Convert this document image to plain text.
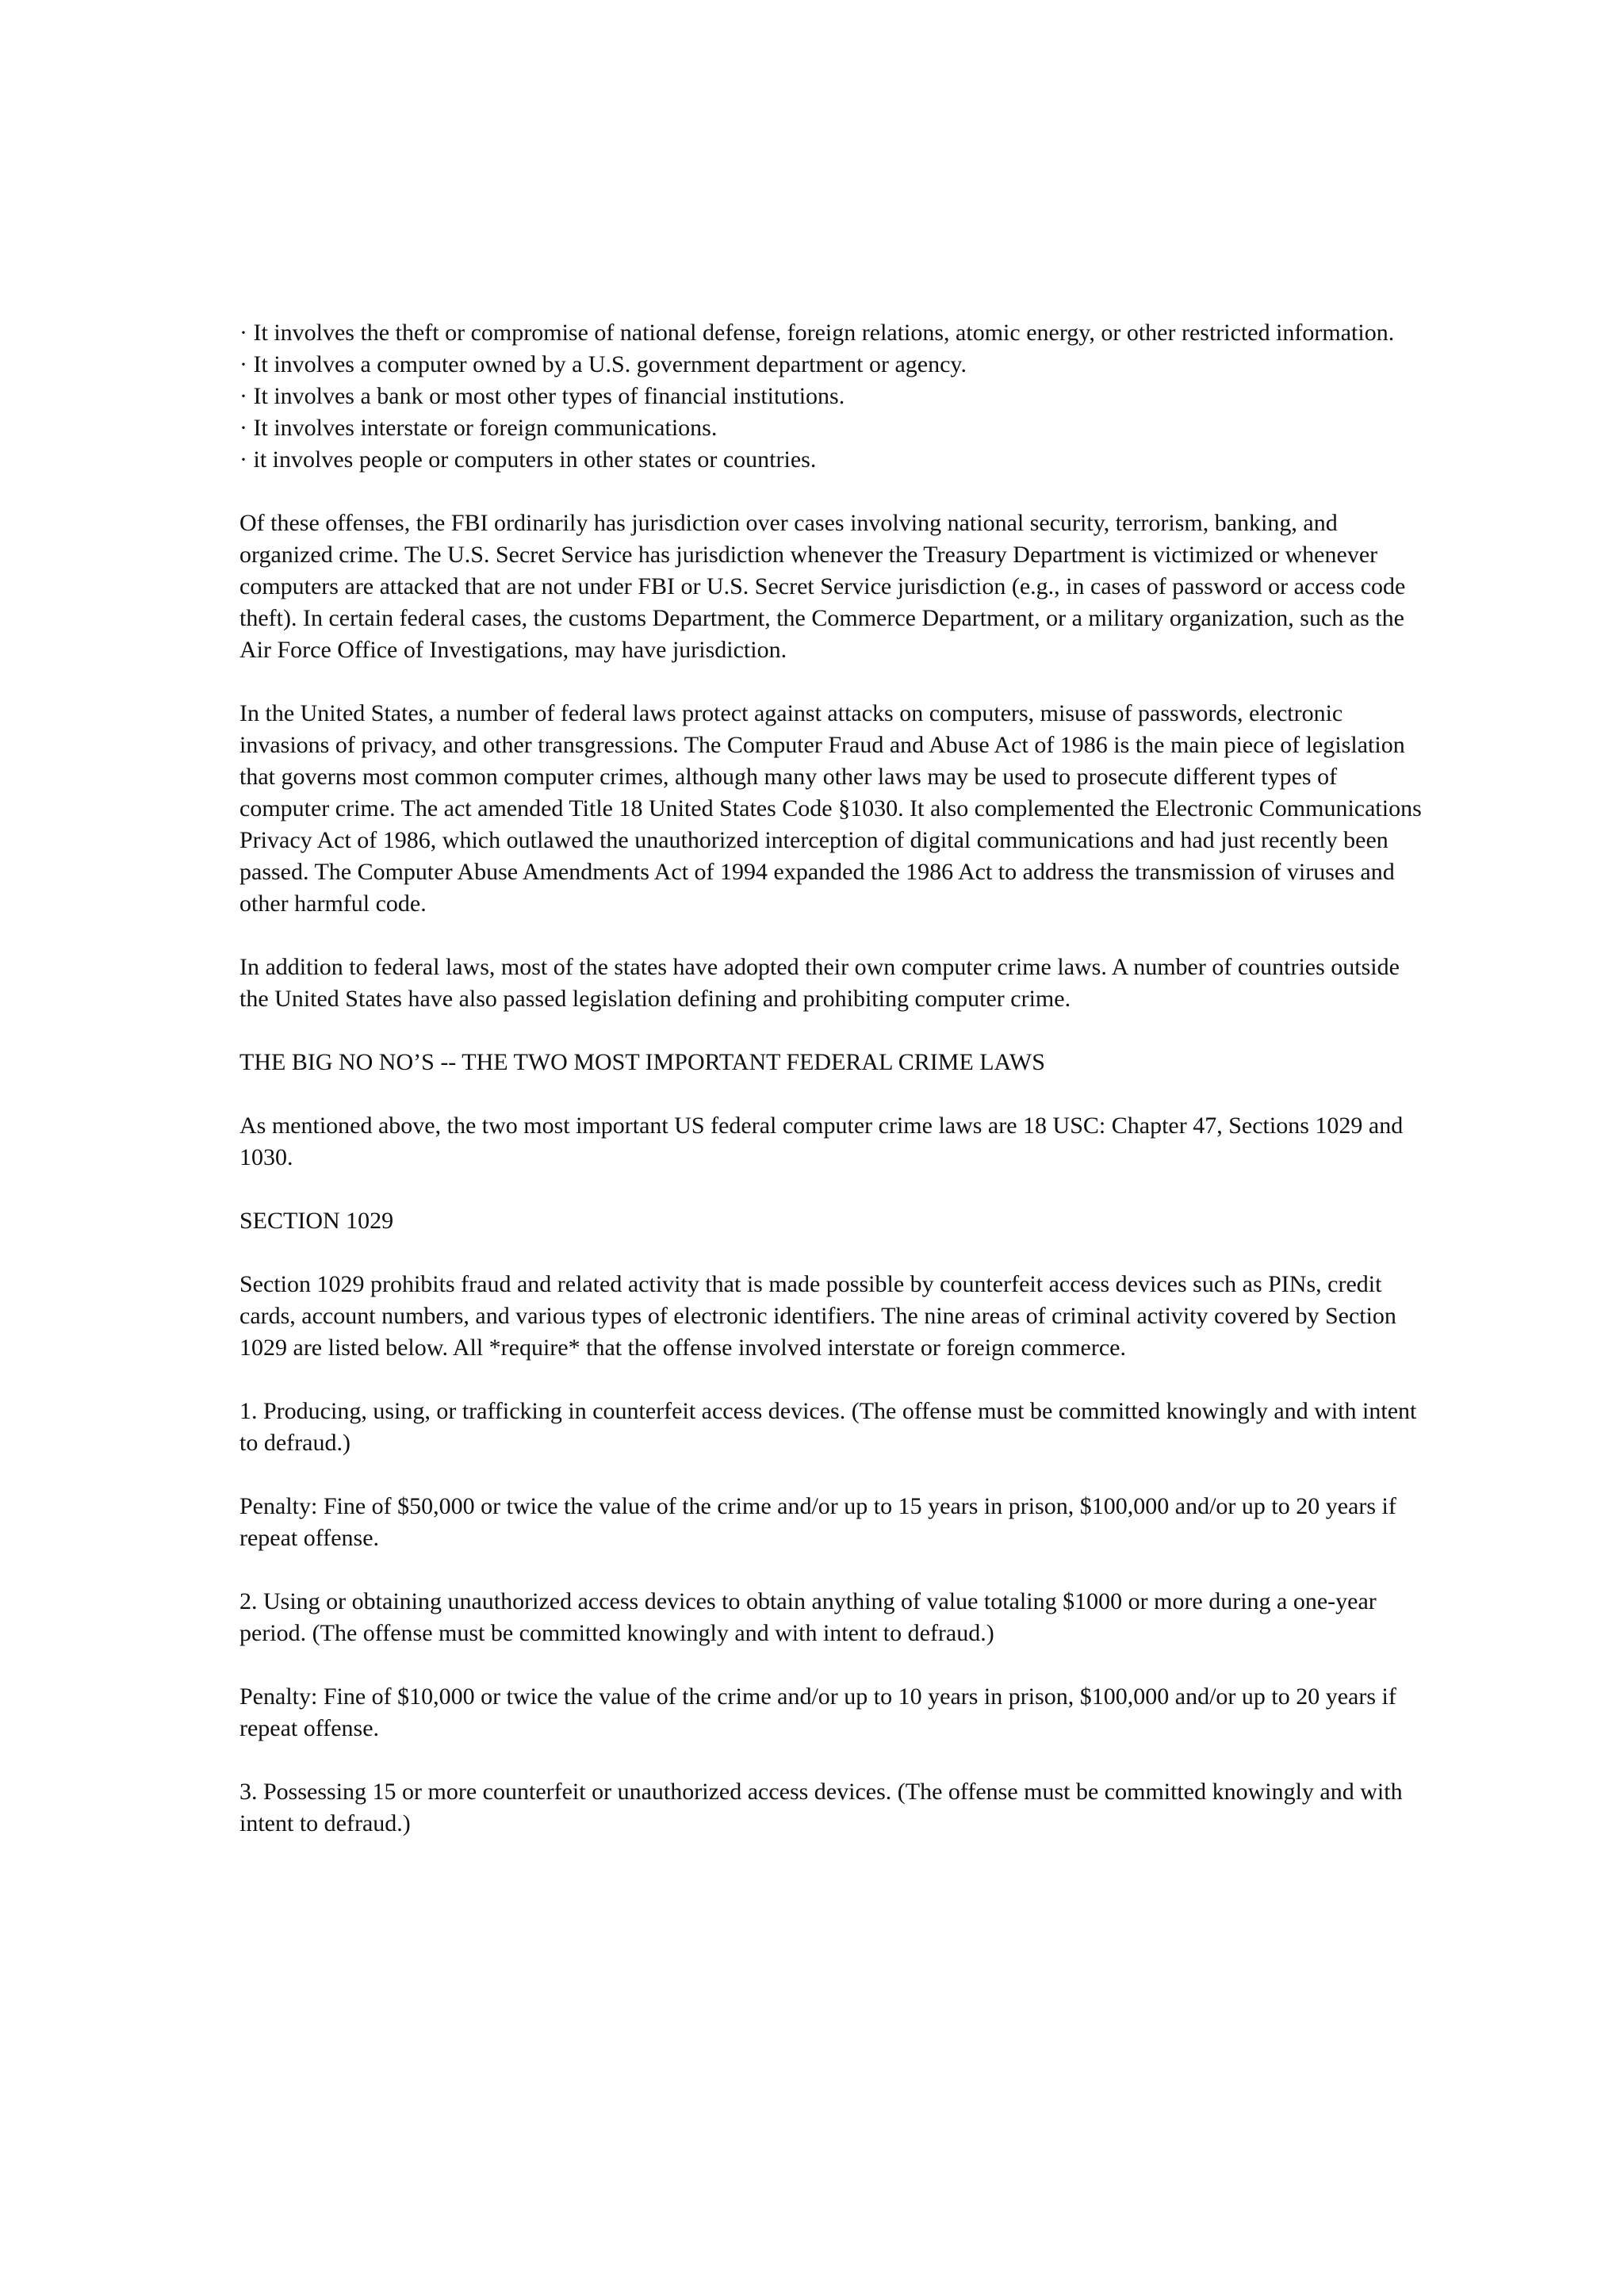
· It involves the theft or compromise of national defense, foreign relations, atomic energy, or other restricted information.
· It involves a computer owned by a U.S. government department or agency.
· It involves a bank or most other types of financial institutions.
· It involves interstate or foreign communications.
· it involves people or computers in other states or countries.

Of these offenses, the FBI ordinarily has jurisdiction over cases involving national security, terrorism, banking, and organized crime. The U.S. Secret Service has jurisdiction whenever the Treasury Department is victimized or whenever computers are attacked that are not under FBI or U.S. Secret Service jurisdiction (e.g., in cases of password or access code theft). In certain federal cases, the customs Department, the Commerce Department, or a military organization, such as the Air Force Office of Investigations, may have jurisdiction.

In the United States, a number of federal laws protect against attacks on computers, misuse of passwords, electronic invasions of privacy, and other transgressions. The Computer Fraud and Abuse Act of 1986 is the main piece of legislation that governs most common computer crimes, although many other laws may be used to prosecute different types of computer crime. The act amended Title 18 United States Code §1030. It also complemented the Electronic Communications Privacy Act of 1986, which outlawed the unauthorized interception of digital communications and had just recently been passed. The Computer Abuse Amendments Act of 1994 expanded the 1986 Act to address the transmission of viruses and other harmful code.

In addition to federal laws, most of the states have adopted their own computer crime laws. A number of countries outside the United States have also passed legislation defining and prohibiting computer crime.

THE BIG NO NO’S -- THE TWO MOST IMPORTANT FEDERAL CRIME LAWS

As mentioned above, the two most important US federal computer crime laws are 18 USC: Chapter 47, Sections 1029 and 1030.

SECTION 1029

Section 1029 prohibits fraud and related activity that is made possible by counterfeit access devices such as PINs, credit cards, account numbers, and various types of electronic identifiers. The nine areas of criminal activity covered by Section 1029 are listed below. All *require* that the offense involved interstate or foreign commerce.

1. Producing, using, or trafficking in counterfeit access devices. (The offense must be committed knowingly and with intent to defraud.)

Penalty: Fine of $50,000 or twice the value of the crime and/or up to 15 years in prison, $100,000 and/or up to 20 years if repeat offense.

2. Using or obtaining unauthorized access devices to obtain anything of value totaling $1000 or more during a one-year period. (The offense must be committed knowingly and with intent to defraud.)

Penalty: Fine of $10,000 or twice the value of the crime and/or up to 10 years in prison, $100,000 and/or up to 20 years if repeat offense.

3. Possessing 15 or more counterfeit or unauthorized access devices. (The offense must be committed knowingly and with intent to defraud.)
